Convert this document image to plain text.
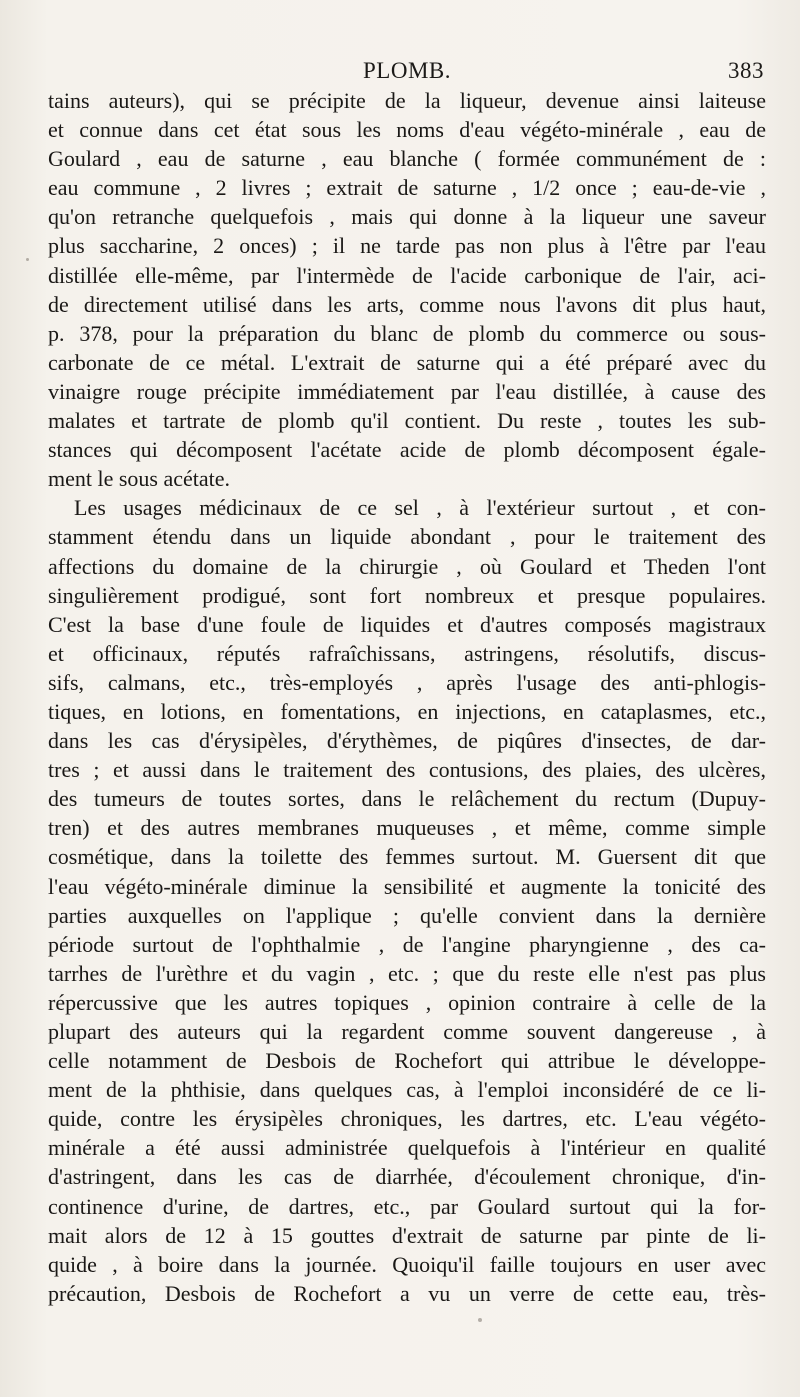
PLOMB.	383
tains auteurs), qui se précipite de la liqueur, devenue ainsi laiteuse
et connue dans cet état sous les noms d'eau végéto-minérale , eau de
Goulard , eau de saturne , eau blanche ( formée communément de :
eau commune , 2 livres ; extrait de saturne , 1/2 once ; eau-de-vie ,
qu'on retranche quelquefois , mais qui donne à la liqueur une saveur
plus saccharine, 2 onces) ; il ne tarde pas non plus à l'être par l'eau
distillée elle-même, par l'intermède de l'acide carbonique de l'air, aci-
de directement utilisé dans les arts, comme nous l'avons dit plus haut,
p. 378, pour la préparation du blanc de plomb du commerce ou sous-
carbonate de ce métal. L'extrait de saturne qui a été préparé avec du
vinaigre rouge précipite immédiatement par l'eau distillée, à cause des
malates et tartrate de plomb qu'il contient. Du reste , toutes les sub-
stances qui décomposent l'acétate acide de plomb décomposent égale-
ment le sous acétate.
Les usages médicinaux de ce sel , à l'extérieur surtout , et con-
stamment étendu dans un liquide abondant , pour le traitement des
affections du domaine de la chirurgie , où Goulard et Theden l'ont
singulièrement prodigué, sont fort nombreux et presque populaires.
C'est la base d'une foule de liquides et d'autres composés magistraux
et officinaux, réputés rafraîchissans, astringens, résolutifs, discus-
sifs, calmans, etc., très-employés , après l'usage des anti-phlogis-
tiques, en lotions, en fomentations, en injections, en cataplasmes, etc.,
dans les cas d'érysipèles, d'érythèmes, de piqûres d'insectes, de dar-
tres ; et aussi dans le traitement des contusions, des plaies, des ulcères,
des tumeurs de toutes sortes, dans le relâchement du rectum (Dupuy-
tren) et des autres membranes muqueuses , et même, comme simple
cosmétique, dans la toilette des femmes surtout. M. Guersent dit que
l'eau végéto-minérale diminue la sensibilité et augmente la tonicité des
parties auxquelles on l'applique ; qu'elle convient dans la dernière
période surtout de l'ophthalmie , de l'angine pharyngienne , des ca-
tarrhes de l'urèthre et du vagin , etc. ; que du reste elle n'est pas plus
répercussive que les autres topiques , opinion contraire à celle de la
plupart des auteurs qui la regardent comme souvent dangereuse , à
celle notamment de Desbois de Rochefort qui attribue le développe-
ment de la phthisie, dans quelques cas, à l'emploi inconsidéré de ce li-
quide, contre les érysipèles chroniques, les dartres, etc. L'eau végéto-
minérale a été aussi administrée quelquefois à l'intérieur en qualité
d'astringent, dans les cas de diarrhée, d'écoulement chronique, d'in-
continence d'urine, de dartres, etc., par Goulard surtout qui la for-
mait alors de 12 à 15 gouttes d'extrait de saturne par pinte de li-
quide , à boire dans la journée. Quoiqu'il faille toujours en user avec
précaution, Desbois de Rochefort a vu un verre de cette eau, très-
